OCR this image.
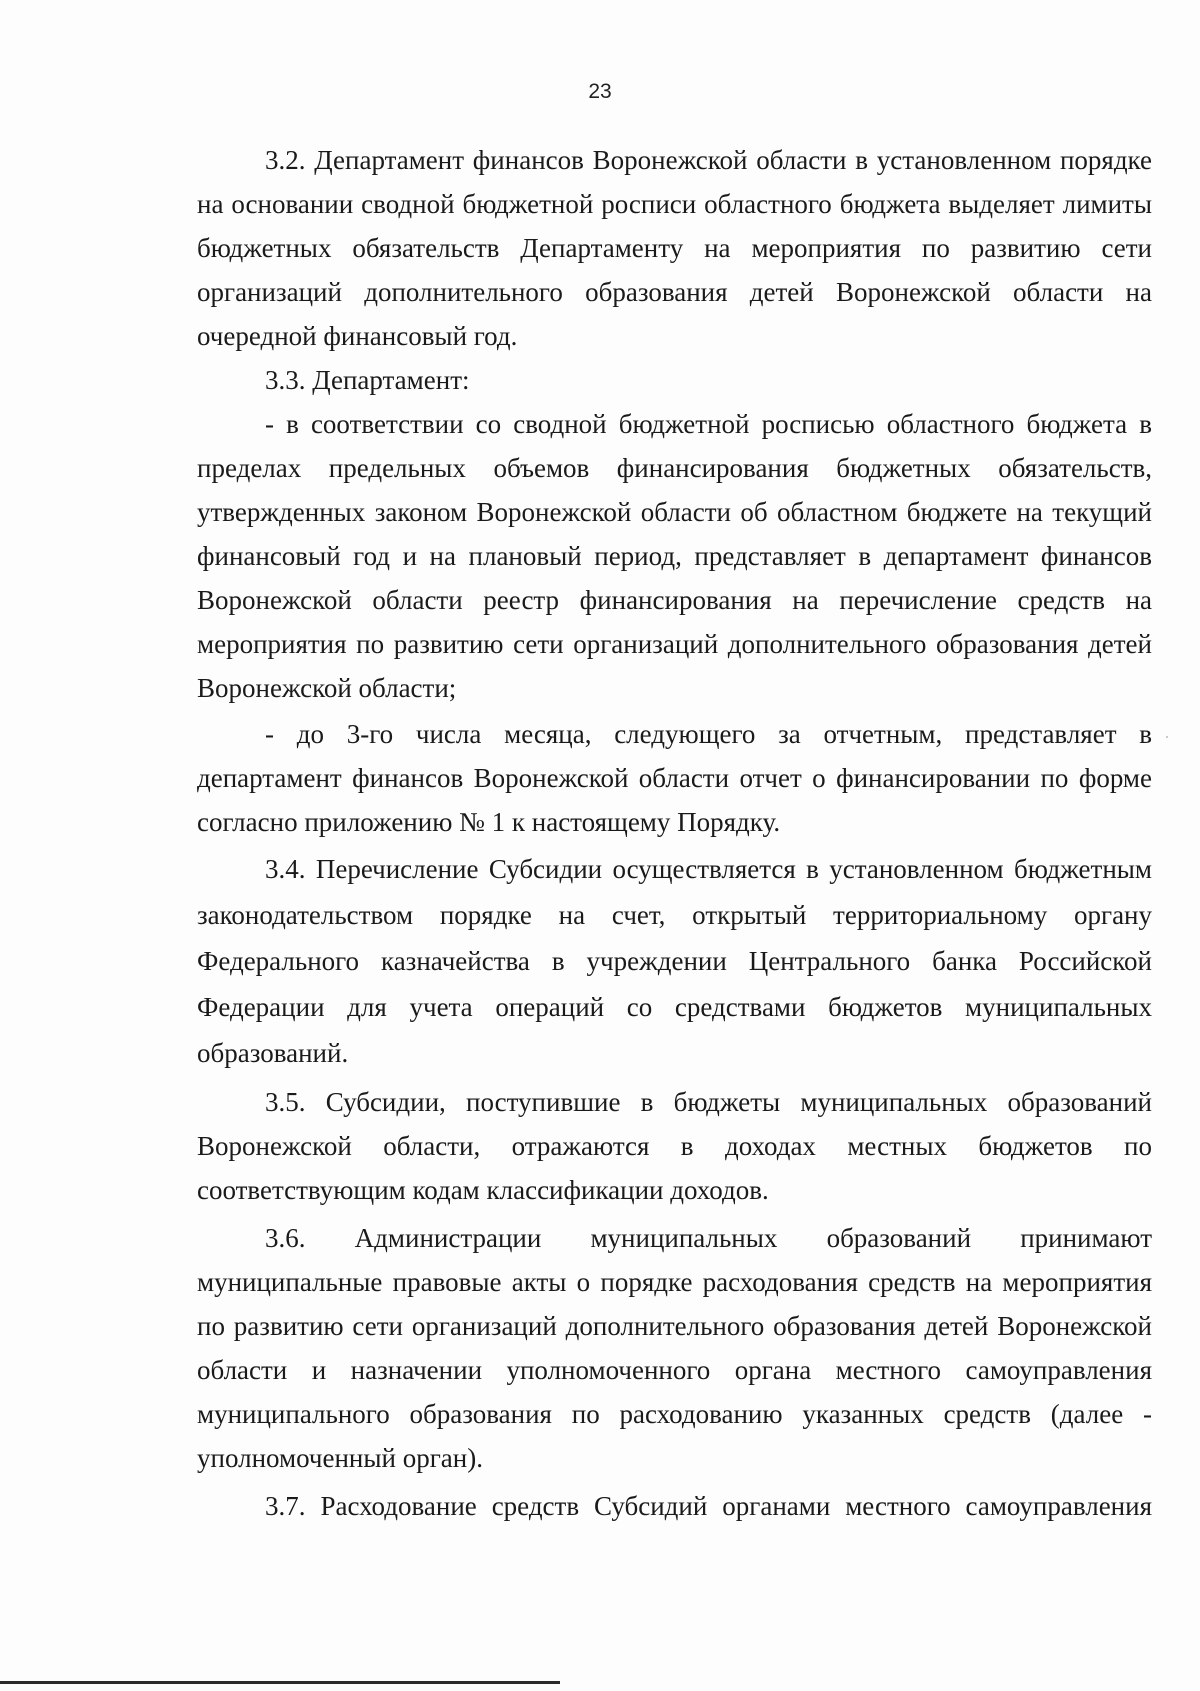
23

3.2. Департамент финансов Воронежской области в установленном порядке на основании сводной бюджетной росписи областного бюджета выделяет лимиты бюджетных обязательств Департаменту на мероприятия по развитию сети организаций дополнительного образования детей Воронежской области на очередной финансовый год.

3.3. Департамент:

- в соответствии со сводной бюджетной росписью областного бюджета в пределах предельных объемов финансирования бюджетных обязательств, утвержденных законом Воронежской области об областном бюджете на текущий финансовый год и на плановый период, представляет в департамент финансов Воронежской области реестр финансирования на перечисление средств на мероприятия по развитию сети организаций дополнительного образования детей Воронежской области;

- до 3-го числа месяца, следующего за отчетным, представляет в департамент финансов Воронежской области отчет о финансировании по форме согласно приложению № 1 к настоящему Порядку.

3.4. Перечисление Субсидии осуществляется в установленном бюджетным законодательством порядке на счет, открытый территориальному органу Федерального казначейства в учреждении Центрального банка Российской Федерации для учета операций со средствами бюджетов муниципальных образований.

3.5. Субсидии, поступившие в бюджеты муниципальных образований Воронежской области, отражаются в доходах местных бюджетов по соответствующим кодам классификации доходов.

3.6. Администрации муниципальных образований принимают муниципальные правовые акты о порядке расходования средств на мероприятия по развитию сети организаций дополнительного образования детей Воронежской области и назначении уполномоченного органа местного самоуправления муниципального образования по расходованию указанных средств (далее - уполномоченный орган).

3.7. Расходование средств Субсидий органами местного самоуправления
